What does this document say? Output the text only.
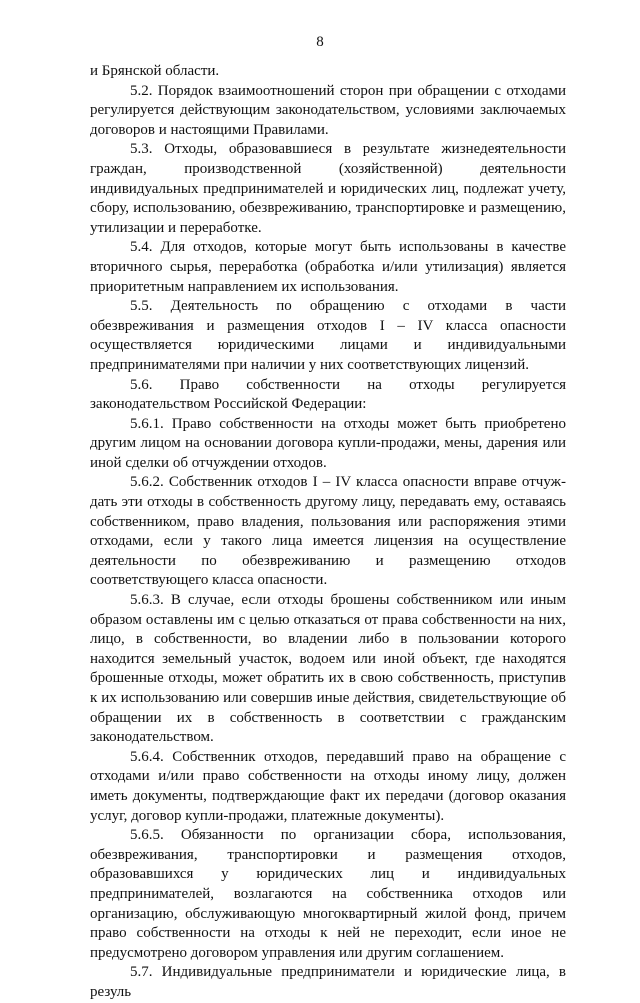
8

и Брянской области.

5.2. Порядок взаимоотношений сторон при обращении с отходами регулируется действующим законодательством, условиями заключаемых договоров и настоящими Правилами.

5.3. Отходы, образовавшиеся в результате жизнедеятельности граждан, производственной (хозяйственной) деятельности индивидуальных предпринимателей и юридических лиц, подлежат учету, сбору, использованию, обезвреживанию, транспортировке и размещению, утилизации и переработке.

5.4. Для отходов, которые могут быть использованы в качестве вторичного сырья, переработка (обработка и/или утилизация) является приоритетным направлением их использования.

5.5. Деятельность по обращению с отходами в части обезвреживания и размещения отходов I – IV класса опасности осуществляется юридическими лицами и индивидуальными предпринимателями при наличии у них соответствующих лицензий.

5.6. Право собственности на отходы регулируется законодательством Российской Федерации:

5.6.1. Право собственности на отходы может быть приобретено другим лицом на основании договора купли-продажи, мены, дарения или иной сделки об отчуждении отходов.

5.6.2. Собственник отходов I – IV класса опасности вправе отчуждать эти отходы в собственность другому лицу, передавать ему, оставаясь собственником, право владения, пользования или распоряжения этими отходами, если у такого лица имеется лицензия на осуществление деятельности по обезвреживанию и размещению отходов соответствующего класса опасности.

5.6.3. В случае, если отходы брошены собственником или иным образом оставлены им с целью отказаться от права собственности на них, лицо, в собственности, во владении либо в пользовании которого находится земельный участок, водоем или иной объект, где находятся брошенные отходы, может обратить их в свою собственность, приступив к их использованию или совершив иные действия, свидетельствующие об обращении их в собственность в соответствии с гражданским законодательством.

5.6.4. Собственник отходов, передавший право на обращение с отходами и/или право собственности на отходы иному лицу, должен иметь документы, подтверждающие факт их передачи (договор оказания услуг, договор купли-продажи, платежные документы).

5.6.5. Обязанности по организации сбора, использования, обезвреживания, транспортировки и размещения отходов, образовавшихся у юридических лиц и индивидуальных предпринимателей, возлагаются на собственника отходов или организацию, обслуживающую многоквартирный жилой фонд, причем право собственности на отходы к ней не переходит, если иное не предусмотрено договором управления или другим соглашением.

5.7. Индивидуальные предприниматели и юридические лица, в резуль
